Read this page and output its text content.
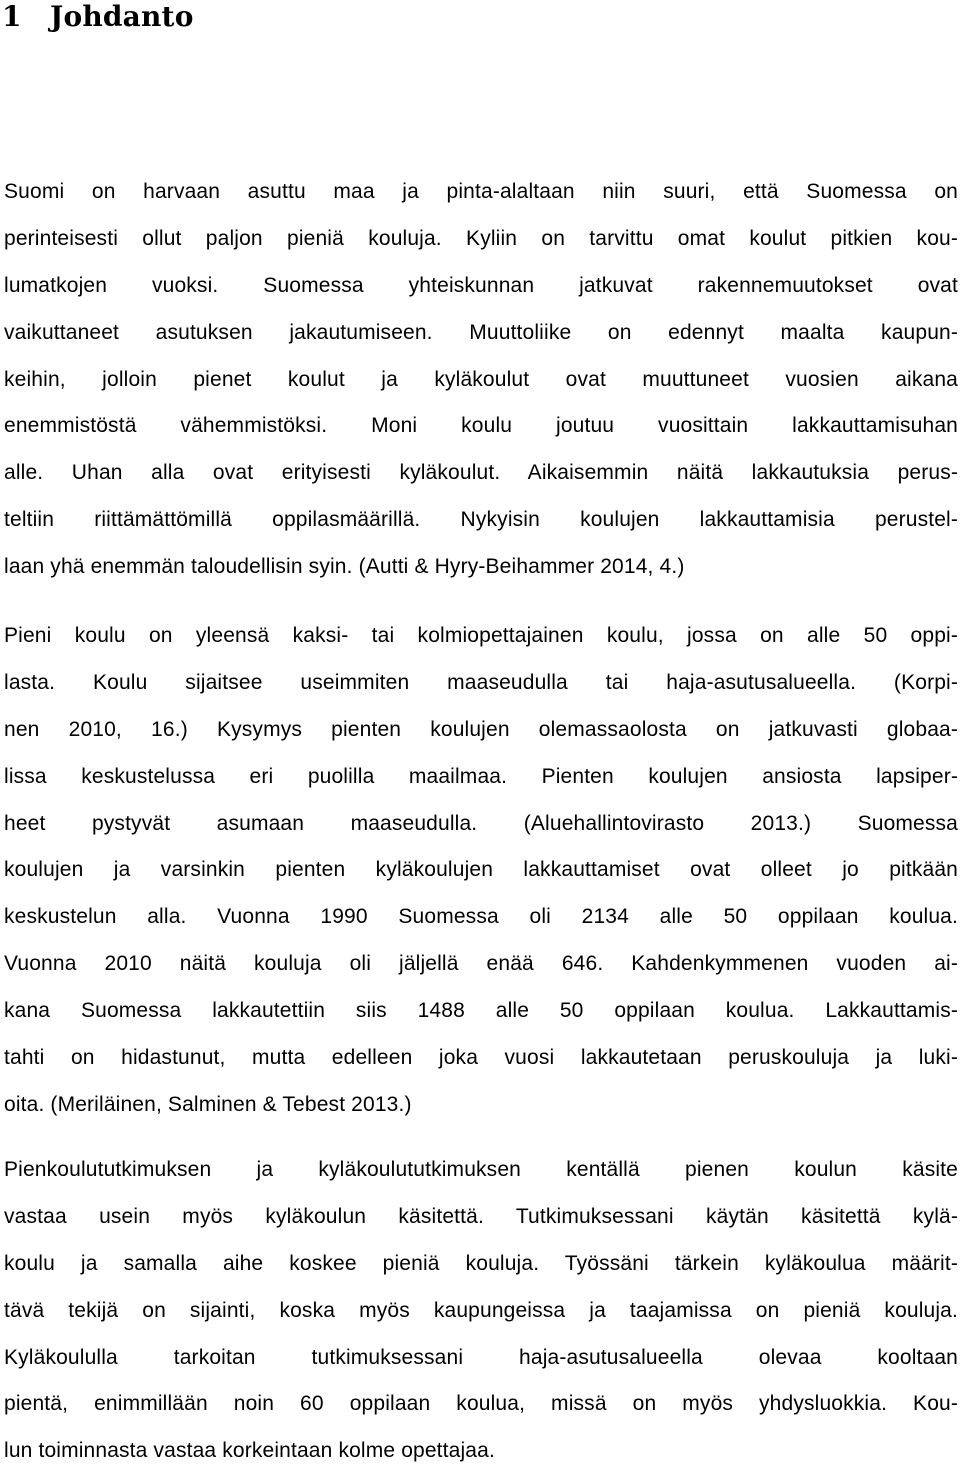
1 Johdanto
Suomi on harvaan asuttu maa ja pinta-alaltaan niin suuri, että Suomessa on
perinteisesti ollut paljon pieniä kouluja. Kyliin on tarvittu omat koulut pitkien kou-
lumatkojen vuoksi. Suomessa yhteiskunnan jatkuvat rakennemuutokset ovat
vaikuttaneet asutuksen jakautumiseen. Muuttoliike on edennyt maalta kaupun-
keihin, jolloin pienet koulut ja kyläkoulut ovat muuttuneet vuosien aikana
enemmistöstä vähemmistöksi. Moni koulu joutuu vuosittain lakkauttamisuhan
alle. Uhan alla ovat erityisesti kyläkoulut. Aikaisemmin näitä lakkautuksia perus-
teltiin riittämättömillä oppilasmäärillä. Nykyisin koulujen lakkauttamisia perustel-
laan yhä enemmän taloudellisin syin. (Autti & Hyry-Beihammer 2014, 4.)
Pieni koulu on yleensä kaksi- tai kolmiopettajainen koulu, jossa on alle 50 oppi-
lasta. Koulu sijaitsee useimmiten maaseudulla tai haja-asutusalueella. (Korpi-
nen 2010, 16.) Kysymys pienten koulujen olemassaolosta on jatkuvasti globaa-
lissa keskustelussa eri puolilla maailmaa. Pienten koulujen ansiosta lapsiper-
heet pystyvät asumaan maaseudulla. (Aluehallintovirasto 2013.) Suomessa
koulujen ja varsinkin pienten kyläkoulujen lakkauttamiset ovat olleet jo pitkään
keskustelun alla. Vuonna 1990 Suomessa oli 2134 alle 50 oppilaan koulua.
Vuonna 2010 näitä kouluja oli jäljellä enää 646. Kahdenkymmenen vuoden ai-
kana Suomessa lakkautettiin siis 1488 alle 50 oppilaan koulua. Lakkauttamis-
tahti on hidastunut, mutta edelleen joka vuosi lakkautetaan peruskouluja ja luki-
oita. (Meriläinen, Salminen & Tebest 2013.)
Pienkoulututkimuksen ja kyläkoulututkimuksen kentällä pienen koulun käsite
vastaa usein myös kyläkoulun käsitettä. Tutkimuksessani käytän käsitettä kylä-
koulu ja samalla aihe koskee pieniä kouluja. Työssäni tärkein kyläkoulua määrit-
tävä tekijä on sijainti, koska myös kaupungeissa ja taajamissa on pieniä kouluja.
Kyläkoululla tarkoitan tutkimuksessani haja-asutusalueella olevaa kooltaan
pientä, enimmillään noin 60 oppilaan koulua, missä on myös yhdysluokkia. Kou-
lun toiminnasta vastaa korkeintaan kolme opettajaa.
